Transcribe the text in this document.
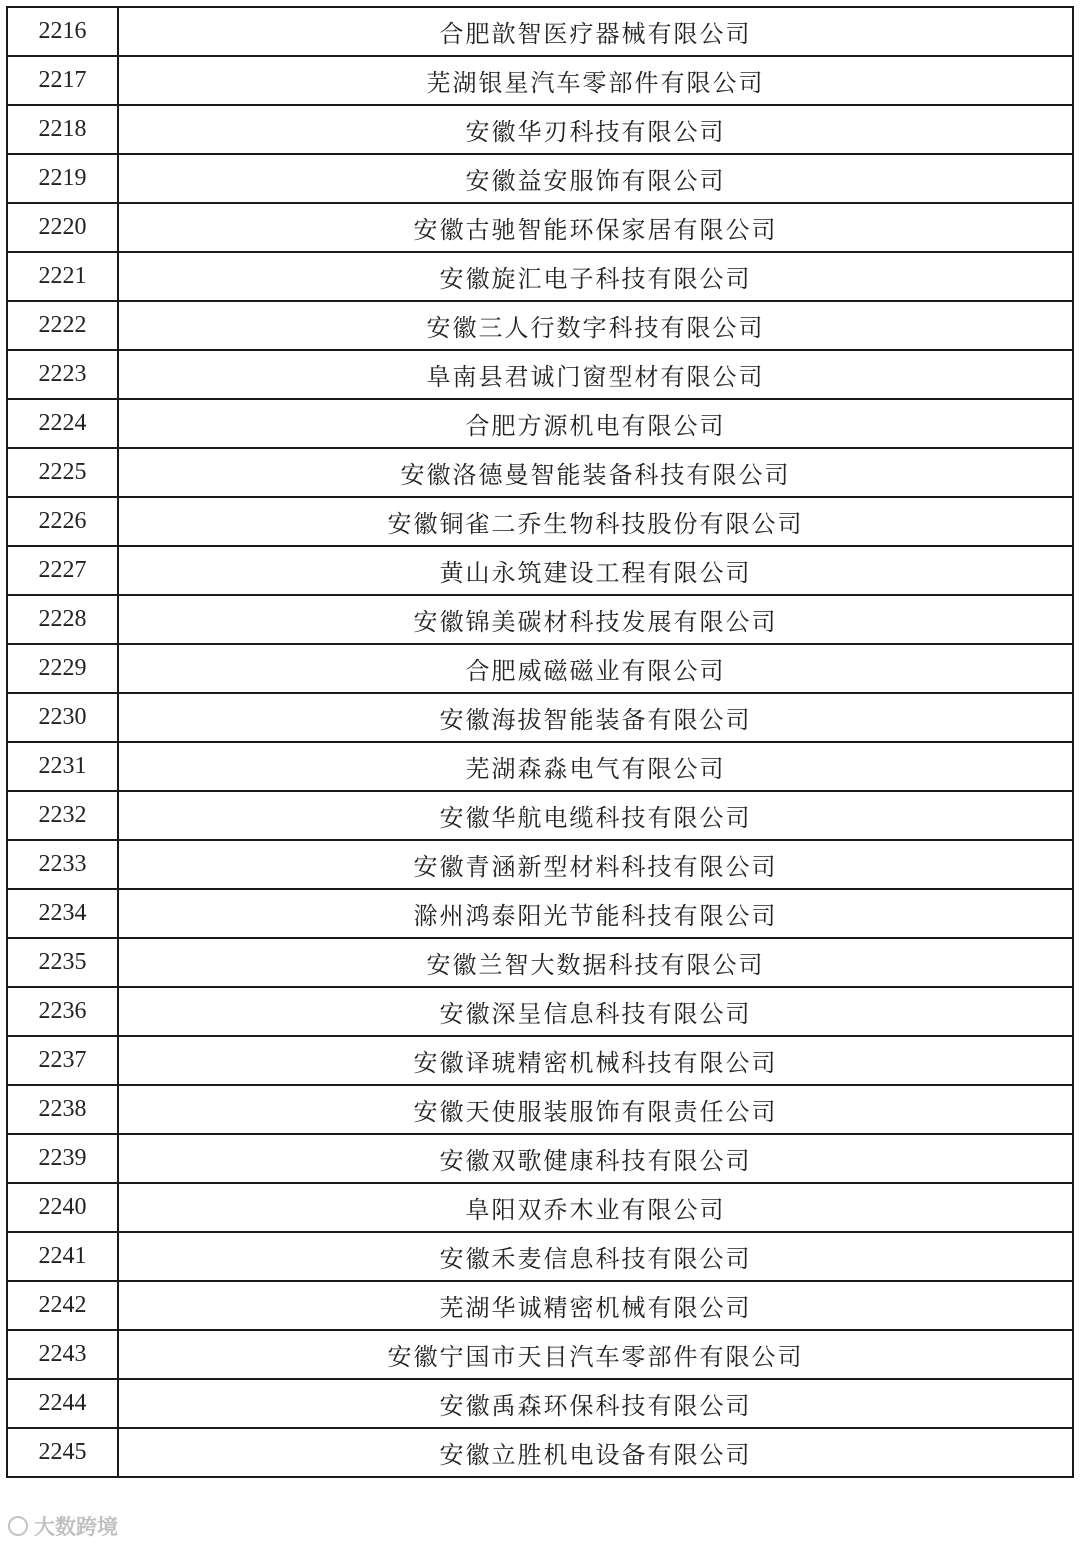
2216	合肥歆智医疗器械有限公司
2217	芜湖银星汽车零部件有限公司
2218	安徽华刃科技有限公司
2219	安徽益安服饰有限公司
2220	安徽古驰智能环保家居有限公司
2221	安徽旋汇电子科技有限公司
2222	安徽三人行数字科技有限公司
2223	阜南县君诚门窗型材有限公司
2224	合肥方源机电有限公司
2225	安徽洛德曼智能装备科技有限公司
2226	安徽铜雀二乔生物科技股份有限公司
2227	黄山永筑建设工程有限公司
2228	安徽锦美碳材科技发展有限公司
2229	合肥威磁磁业有限公司
2230	安徽海拔智能装备有限公司
2231	芜湖森淼电气有限公司
2232	安徽华航电缆科技有限公司
2233	安徽青涵新型材料科技有限公司
2234	滁州鸿泰阳光节能科技有限公司
2235	安徽兰智大数据科技有限公司
2236	安徽深呈信息科技有限公司
2237	安徽译琥精密机械科技有限公司
2238	安徽天使服装服饰有限责任公司
2239	安徽双歌健康科技有限公司
2240	阜阳双乔木业有限公司
2241	安徽禾麦信息科技有限公司
2242	芜湖华诚精密机械有限公司
2243	安徽宁国市天目汽车零部件有限公司
2244	安徽禹森环保科技有限公司
2245	安徽立胜机电设备有限公司
大数跨境
